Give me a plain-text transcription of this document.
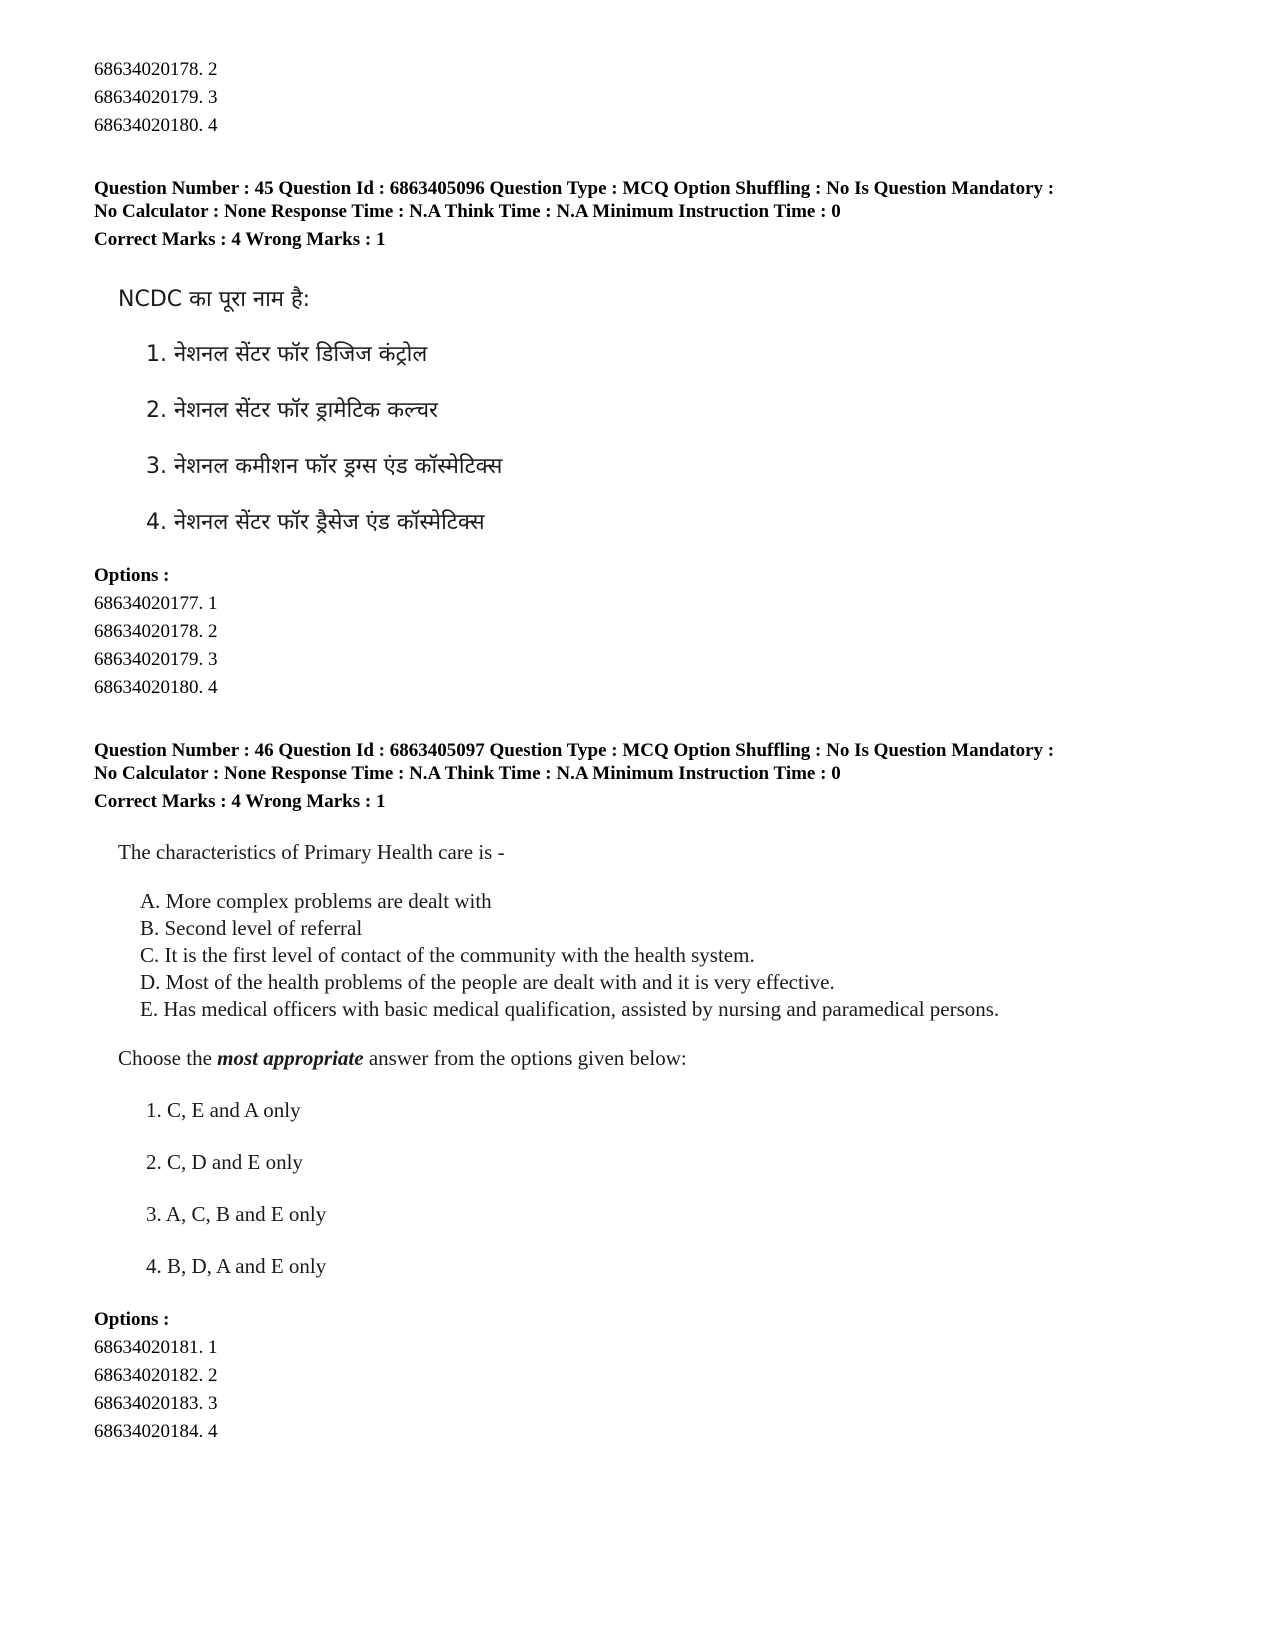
68634020178. 2
68634020179. 3
68634020180. 4
Question Number : 45 Question Id : 6863405096 Question Type : MCQ Option Shuffling : No Is Question Mandatory :
No Calculator : None Response Time : N.A Think Time : N.A Minimum Instruction Time : 0
Correct Marks : 4 Wrong Marks : 1
NCDC का पूरा नाम है:
1. नेशनल सेंटर फॉर डिजिज कंट्रोल
2. नेशनल सेंटर फॉर ड्रामेटिक कल्चर
3. नेशनल कमीशन फॉर ड्रग्स एंड कॉस्मेटिक्स
4. नेशनल सेंटर फॉर ड्रैसेज एंड कॉस्मेटिक्स
Options :
68634020177. 1
68634020178. 2
68634020179. 3
68634020180. 4
Question Number : 46 Question Id : 6863405097 Question Type : MCQ Option Shuffling : No Is Question Mandatory :
No Calculator : None Response Time : N.A Think Time : N.A Minimum Instruction Time : 0
Correct Marks : 4 Wrong Marks : 1
The characteristics of Primary Health care is -
A. More complex problems are dealt with
B. Second level of referral
C. It is the first level of contact of the community with the health system.
D. Most of the health problems of the people are dealt with and it is very effective.
E. Has medical officers with basic medical qualification, assisted by nursing and paramedical persons.
Choose the most appropriate answer from the options given below:
1. C, E and A only
2. C, D and E only
3. A, C, B and E only
4. B, D, A and E only
Options :
68634020181. 1
68634020182. 2
68634020183. 3
68634020184. 4
